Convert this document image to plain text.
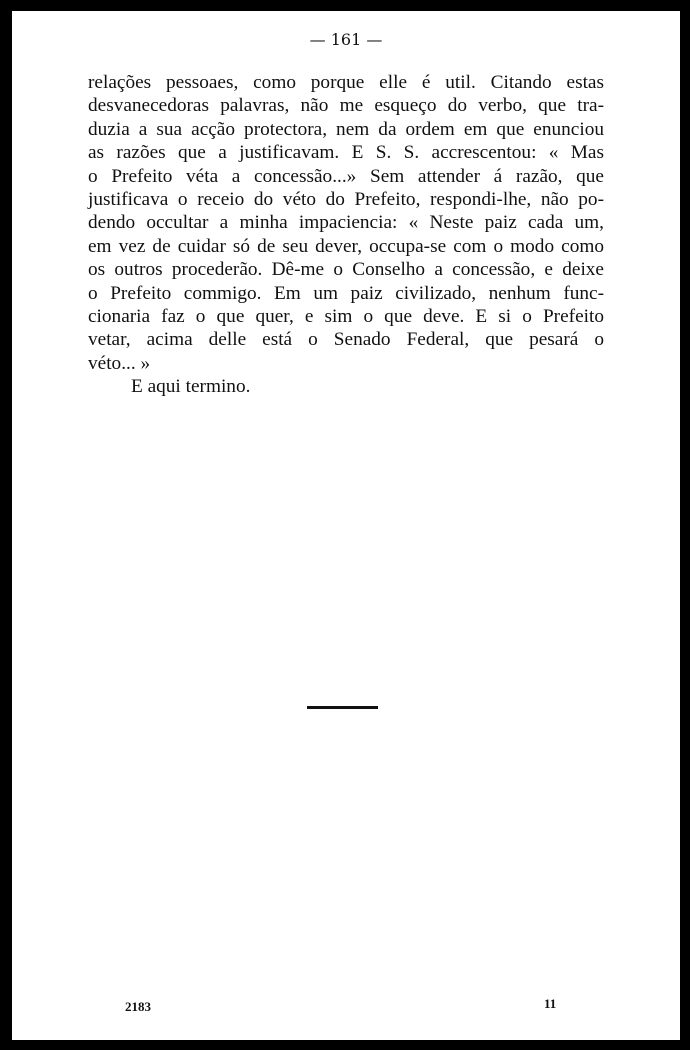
— 161 —
relações pessoaes, como porque elle é util. Citando estas
desvanecedoras palavras, não me esqueço do verbo, que tra-
duzia a sua acção protectora, nem da ordem em que enunciou
as razões que a justificavam. E S. S. accrescentou: « Mas
o Prefeito véta a concessão...» Sem attender á razão, que
justificava o receio do véto do Prefeito, respondi-lhe, não po-
dendo occultar a minha impaciencia: « Neste paiz cada um,
em vez de cuidar só de seu dever, occupa-se com o modo como
os outros procederão. Dê-me o Conselho a concessão, e deixe
o Prefeito commigo. Em um paiz civilizado, nenhum func-
cionaria faz o que quer, e sim o que deve. E si o Prefeito
vetar, acima delle está o Senado Federal, que pesará o
véto... »
E aqui termino.
2183	11
